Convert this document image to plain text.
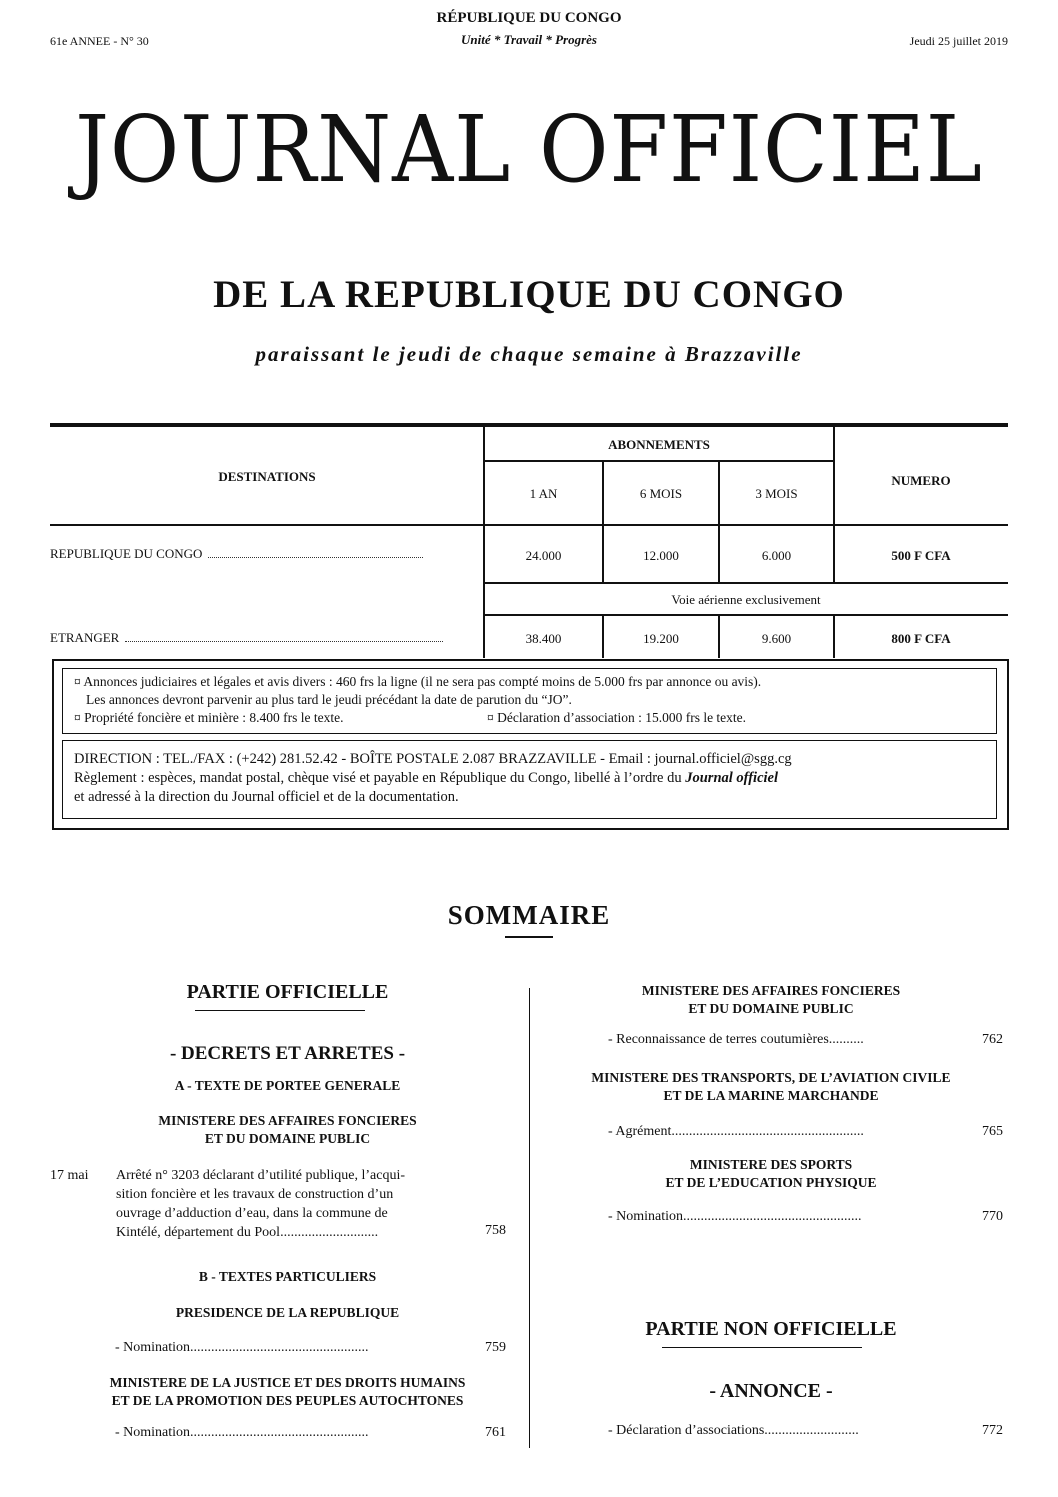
61e ANNEE - N° 30
RÉPUBLIQUE DU CONGO
Unité * Travail * Progrès	Jeudi 25 juillet 2019
JOURNAL OFFICIEL
DE LA REPUBLIQUE DU CONGO
paraissant le jeudi de chaque semaine à Brazzaville
DESTINATIONS
ABONNEMENTS
NUMERO
1 AN	6 MOIS	3 MOIS
REPUBLIQUE DU CONGO	24.000	12.000	6.000	500 F CFA
Voie aérienne exclusivement
ETRANGER	38.400	19.200	9.600	800 F CFA
¤ Annonces judiciaires et légales et avis divers : 460 frs la ligne (il ne sera pas compté moins de 5.000 frs par annonce ou avis).
Les annonces devront parvenir au plus tard le jeudi précédant la date de parution du “JO”.
¤ Propriété foncière et minière : 8.400 frs le texte.	¤ Déclaration d’association : 15.000 frs le texte.
DIRECTION : TEL./FAX : (+242) 281.52.42 - BOÎTE POSTALE 2.087 BRAZZAVILLE - Email : journal.officiel@sgg.cg
Règlement : espèces, mandat postal, chèque visé et payable en République du Congo, libellé à l’ordre du Journal officiel
et adressé à la direction du Journal officiel et de la documentation.
SOMMAIRE
PARTIE OFFICIELLE
- DECRETS ET ARRETES -
A - TEXTE DE PORTEE GENERALE
MINISTERE DES AFFAIRES FONCIERES
ET DU DOMAINE PUBLIC
17 mai Arrêté n° 3203 déclarant d’utilité publique, l’acqui-
sition foncière et les travaux de construction d’un
ouvrage d’adduction d’eau, dans la commune de
Kintélé, département du Pool............................	758
B - TEXTES PARTICULIERS
PRESIDENCE DE LA REPUBLIQUE
- Nomination...................................................	759
MINISTERE DE LA JUSTICE ET DES DROITS HUMAINS
ET DE LA PROMOTION DES PEUPLES AUTOCHTONES
- Nomination...................................................	761
MINISTERE DES AFFAIRES FONCIERES
ET DU DOMAINE PUBLIC
- Reconnaissance de terres coutumières..........	762
MINISTERE DES TRANSPORTS, DE L’AVIATION CIVILE
ET DE LA MARINE MARCHANDE
- Agrément.......................................................	765
MINISTERE DES SPORTS
ET DE L’EDUCATION PHYSIQUE
- Nomination...................................................	770
PARTIE NON OFFICIELLE
- ANNONCE -
- Déclaration d’associations...........................	772
